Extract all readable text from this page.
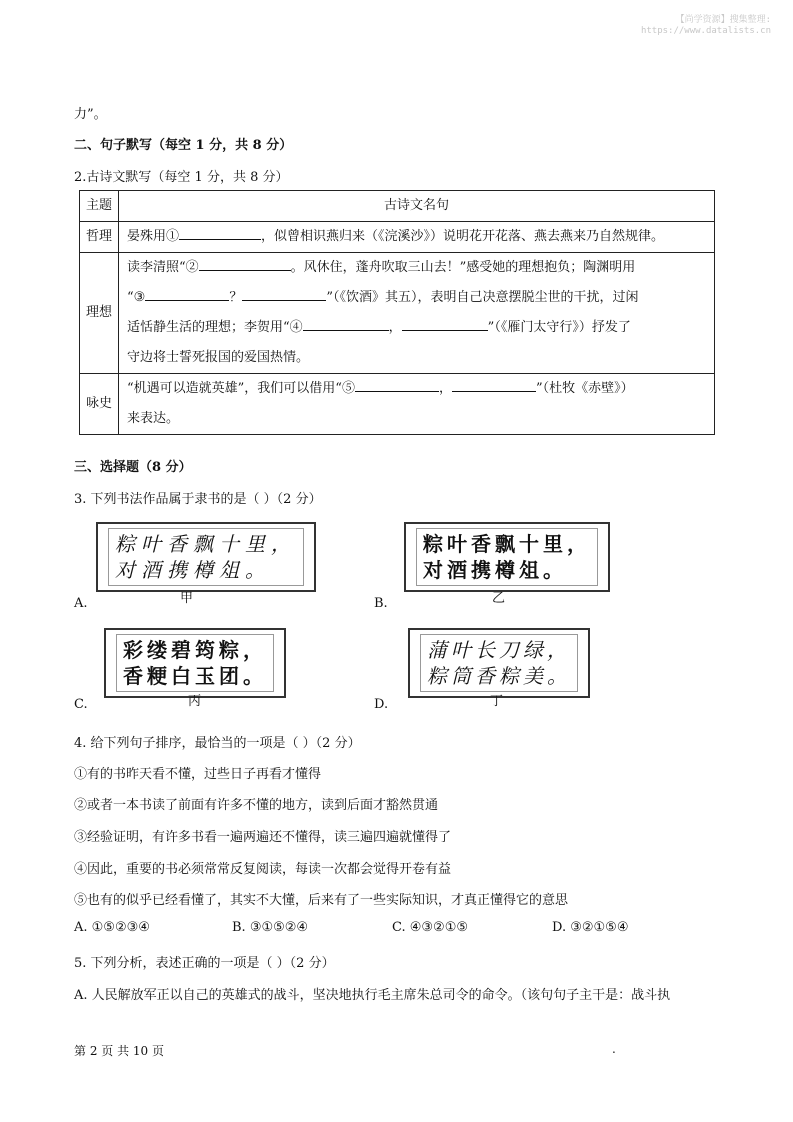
【尚学资源】搜集整理:
https://www.datalists.cn
力”。
二、句子默写（每空 1 分，共 8 分）
2.古诗文默写（每空 1 分，共 8 分）
主题	古诗文名句
哲理	晏殊用① ，似曾相识燕归来（《浣溪沙》）说明花开花落、燕去燕来乃自然规律。
理想	读李清照“② 。风休住，蓬舟吹取三山去！”感受她的理想抱负；陶渊明用
“③ ？ ”（《饮酒》其五），表明自己决意摆脱尘世的干扰，过闲
适恬静生活的理想；李贺用“④ ， ”（《雁门太守行》）抒发了
守边将士誓死报国的爱国热情。

咏史	“机遇可以造就英雄”，我们可以借用“⑤ ， ”（杜牧《赤壁》）
来表达。
三、选择题（8 分）
3. 下列书法作品属于隶书的是（ ）（2 分）
粽叶香飘十里，
对酒携樽俎。
甲
A.
粽叶香飘十里，
对酒携樽俎。
乙
B.
彩缕碧筠粽，
香粳白玉团。
丙
C.
蒲叶长刀绿，
粽筒香粽美。
丁
D.
4. 给下列句子排序，最恰当的一项是（ ）（2 分）
①有的书昨天看不懂，过些日子再看才懂得
②或者一本书读了前面有许多不懂的地方，读到后面才豁然贯通
③经验证明，有许多书看一遍两遍还不懂得，读三遍四遍就懂得了
④因此，重要的书必须常常反复阅读，每读一次都会觉得开卷有益
⑤也有的似乎已经看懂了，其实不大懂，后来有了一些实际知识，才真正懂得它的意思
A. ①⑤②③④	B. ③①⑤②④	C. ④③②①⑤	D. ③②①⑤④
5. 下列分析，表述正确的一项是（ ）（2 分）
A. 人民解放军正以自己的英雄式的战斗，坚决地执行毛主席朱总司令的命令。（该句句子主干是：战斗执
第 2 页 共 10 页	.
